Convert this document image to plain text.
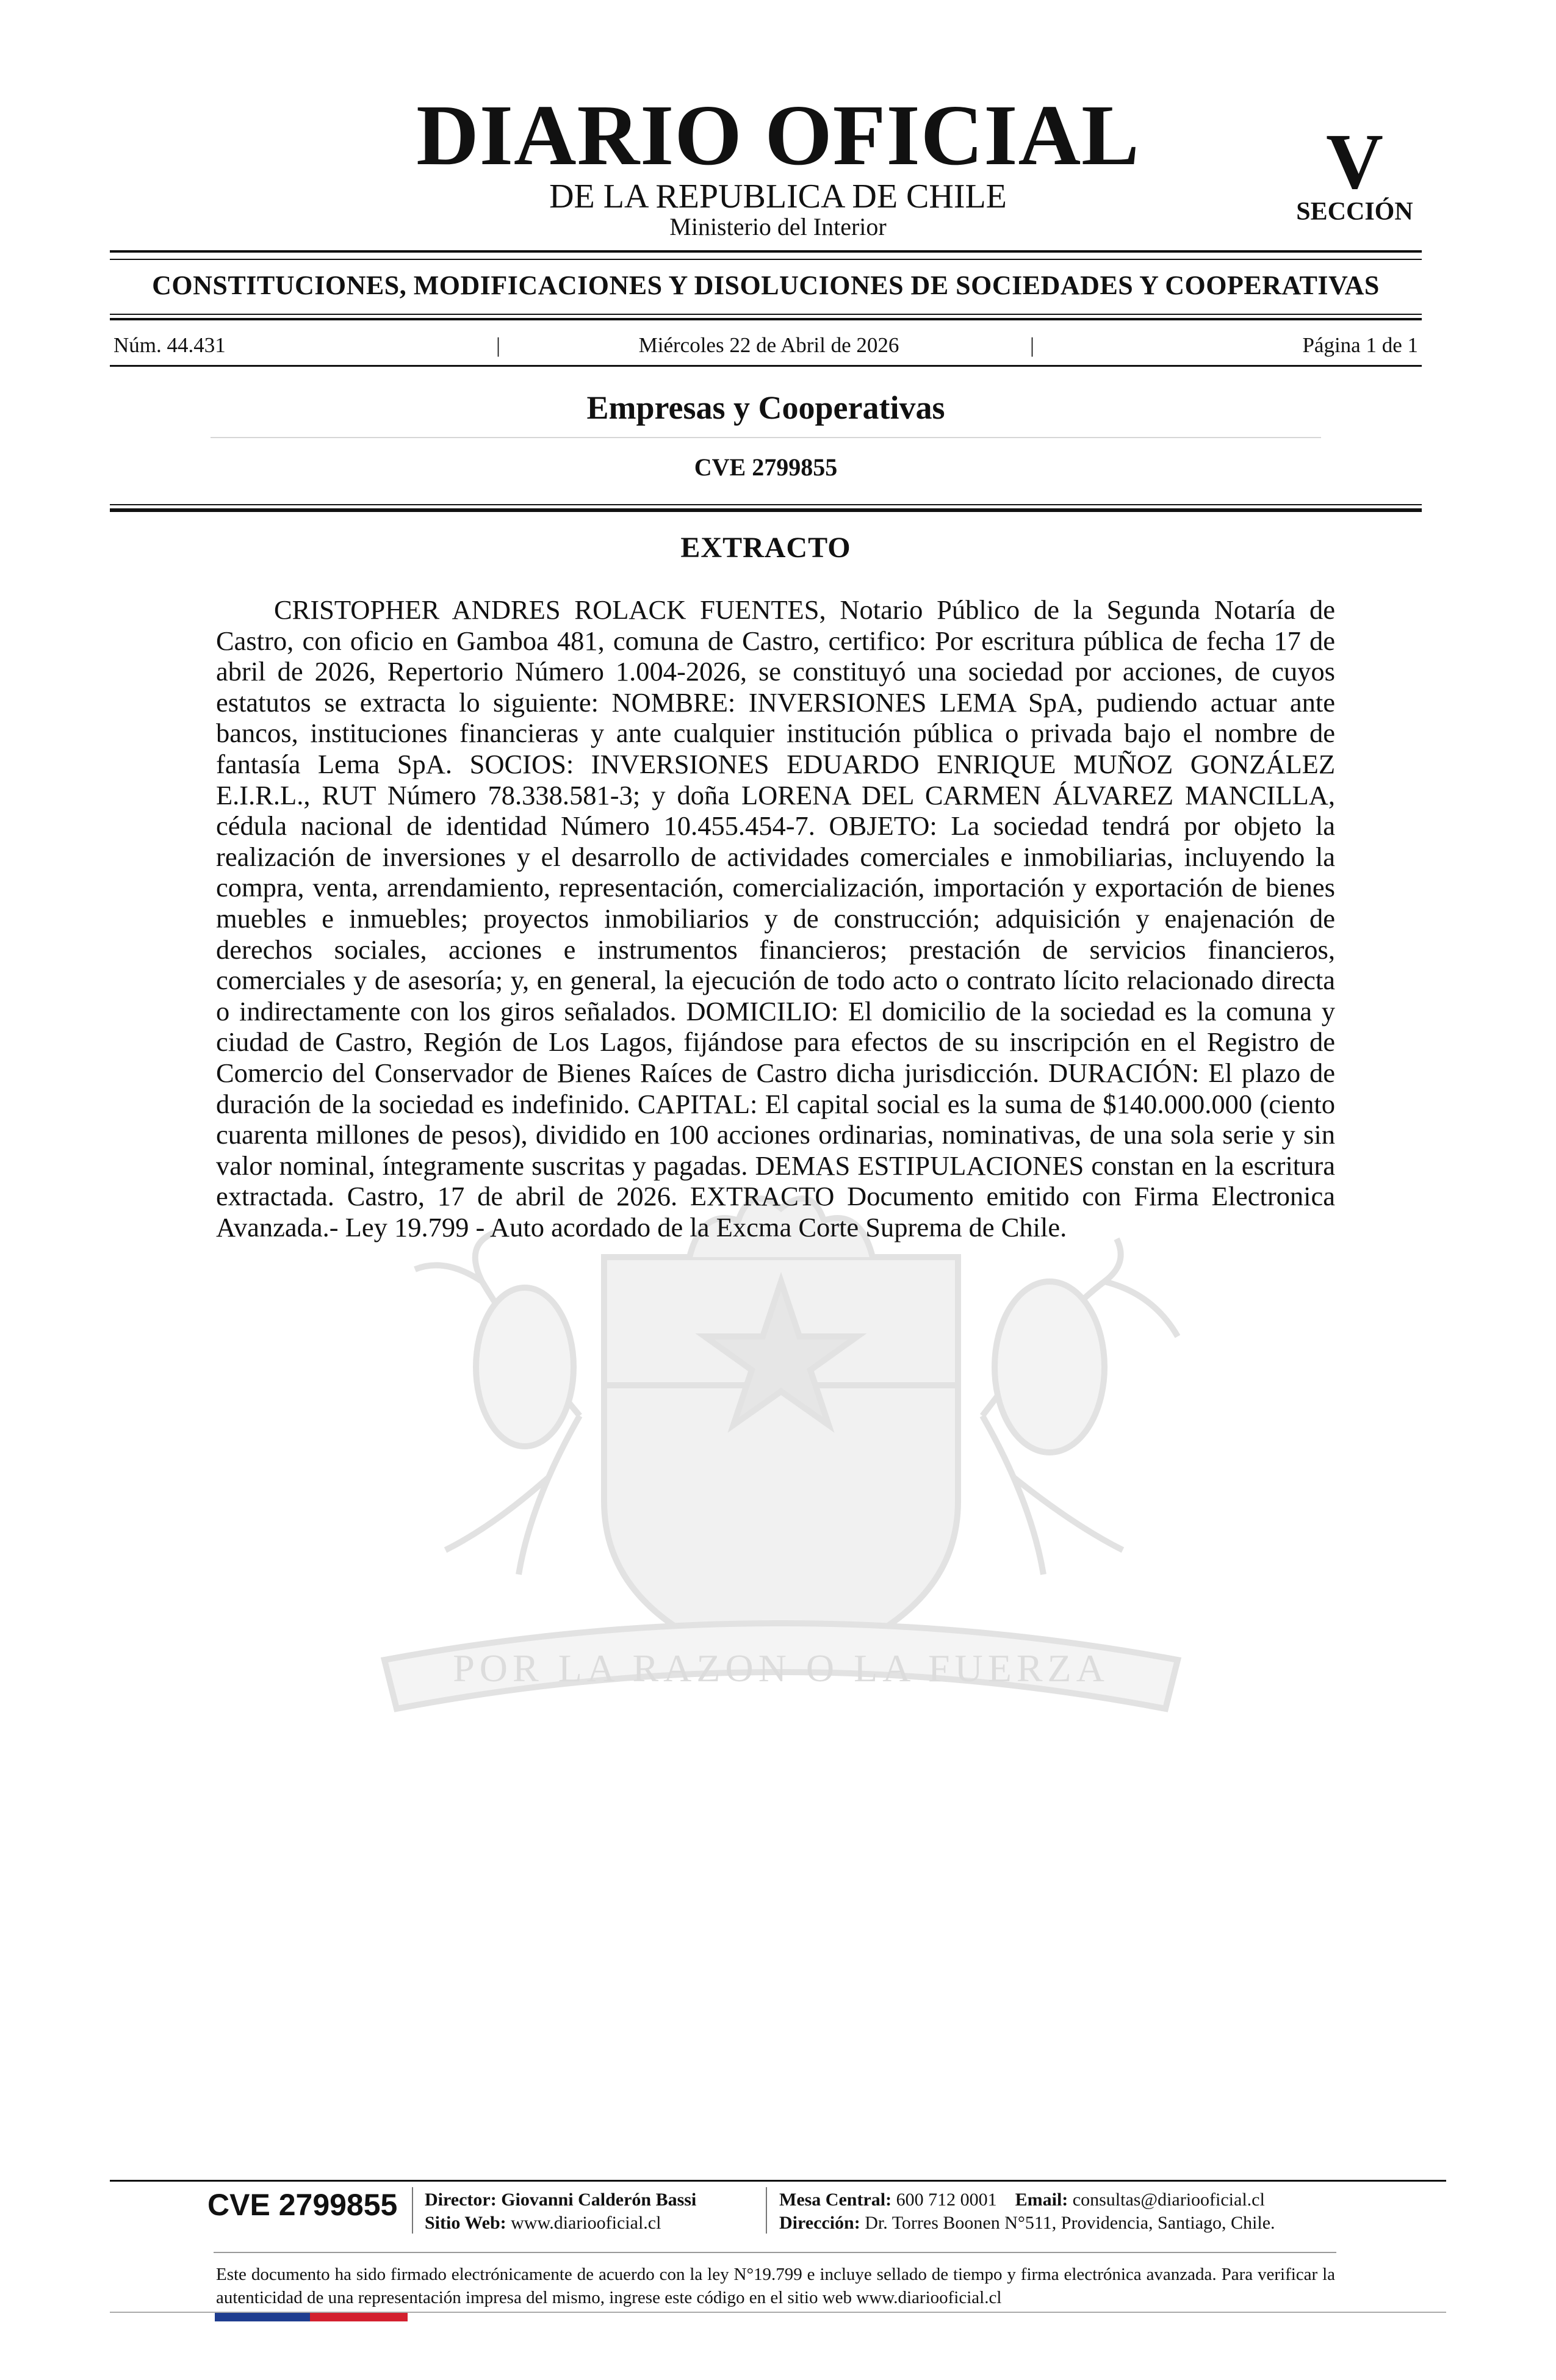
DIARIO OFICIAL
DE LA REPUBLICA DE CHILE
Ministerio del Interior
V
SECCIÓN
CONSTITUCIONES, MODIFICACIONES Y DISOLUCIONES DE SOCIEDADES Y COOPERATIVAS
Núm. 44.431	|	Miércoles 22 de Abril de 2026	|	Página 1 de 1
Empresas y Cooperativas
CVE 2799855
POR LA RAZON O LA FUERZA
EXTRACTO

CRISTOPHER ANDRES ROLACK FUENTES, Notario Público de la Segunda Notaría de Castro, con oficio en Gamboa 481, comuna de Castro, certifico: Por escritura pública de fecha 17 de abril de 2026, Repertorio Número 1.004-2026, se constituyó una sociedad por acciones, de cuyos estatutos se extracta lo siguiente: NOMBRE: INVERSIONES LEMA SpA, pudiendo actuar ante bancos, instituciones financieras y ante cualquier institución pública o privada bajo el nombre de fantasía Lema SpA. SOCIOS: INVERSIONES EDUARDO ENRIQUE MUÑOZ GONZÁLEZ E.I.R.L., RUT Número 78.338.581-3; y doña LORENA DEL CARMEN ÁLVAREZ MANCILLA, cédula nacional de identidad Número 10.455.454-7. OBJETO: La sociedad tendrá por objeto la realización de inversiones y el desarrollo de actividades comerciales e inmobiliarias, incluyendo la compra, venta, arrendamiento, representación, comercialización, importación y exportación de bienes muebles e inmuebles; proyectos inmobiliarios y de construcción; adquisición y enajenación de derechos sociales, acciones e instrumentos financieros; prestación de servicios financieros, comerciales y de asesoría; y, en general, la ejecución de todo acto o contrato lícito relacionado directa o indirectamente con los giros señalados. DOMICILIO: El domicilio de la sociedad es la comuna y ciudad de Castro, Región de Los Lagos, fijándose para efectos de su inscripción en el Registro de Comercio del Conservador de Bienes Raíces de Castro dicha jurisdicción. DURACIÓN: El plazo de duración de la sociedad es indefinido. CAPITAL: El capital social es la suma de $140.000.000 (ciento cuarenta millones de pesos), dividido en 100 acciones ordinarias, nominativas, de una sola serie y sin valor nominal, íntegramente suscritas y pagadas. DEMAS ESTIPULACIONES constan en la escritura extractada. Castro, 17 de abril de 2026. EXTRACTO Documento emitido con Firma Electronica Avanzada.- Ley 19.799 - Auto acordado de la Excma Corte Suprema de Chile.

CVE 2799855	Director: Giovanni Calderón Bassi
Sitio Web: www.diariooficial.cl
Mesa Central: 600 712 0001 Email: consultas@diariooficial.cl
Dirección: Dr. Torres Boonen N°511, Providencia, Santiago, Chile.

Este documento ha sido firmado electrónicamente de acuerdo con la ley N°19.799 e incluye sellado de tiempo y firma electrónica avanzada. Para verificar la autenticidad de una representación impresa del mismo, ingrese este código en el sitio web www.diariooficial.cl
